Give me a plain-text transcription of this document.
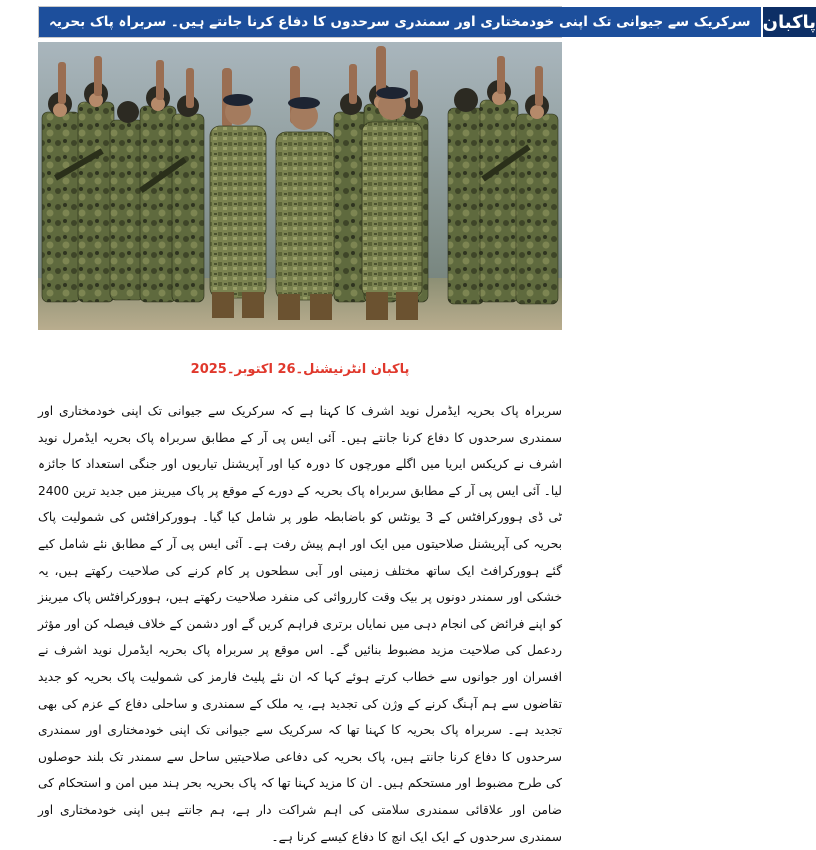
سرکریک سے جیوانی تک اپنی خودمختاری اور سمندری سرحدوں کا دفاع کرنا جانتے ہیں۔ سربراہ پاک بحریہ پاکبان
پاکبان انٹرنیشنل۔26 اکتوبر۔2025
سربراہ پاک بحریہ ایڈمرل نوید اشرف کا کہنا ہے کہ سرکریک سے جیوانی تک اپنی خودمختاری اور سمندری سرحدوں کا دفاع کرنا جانتے ہیں۔ آئی ایس پی آر کے مطابق سربراہ پاک بحریہ ایڈمرل نوید اشرف نے کریکس ایریا میں اگلے مورچوں کا دورہ کیا اور آپریشنل تیاریوں اور جنگی استعداد کا جائزہ لیا۔ آئی ایس پی آر کے مطابق سربراہ پاک بحریہ کے دورے کے موقع پر پاک میرینز میں جدید ترین 2400 ٹی ڈی ہوورکرافٹس کے 3 یونٹس کو باضابطہ طور پر شامل کیا گیا۔ ہوورکرافٹس کی شمولیت پاک بحریہ کی آپریشنل صلاحیتوں میں ایک اور اہم پیش رفت ہے۔ آئی ایس پی آر کے مطابق نئے شامل کیے گئے ہوورکرافٹ ایک ساتھ مختلف زمینی اور آبی سطحوں پر کام کرنے کی صلاحیت رکھتے ہیں، یہ خشکی اور سمندر دونوں پر بیک وقت کارروائی کی منفرد صلاحیت رکھتے ہیں، ہوورکرافٹس پاک میرینز کو اپنے فرائض کی انجام دہی میں نمایاں برتری فراہم کریں گے اور دشمن کے خلاف فیصلہ کن اور مؤثر ردعمل کی صلاحیت مزید مضبوط بنائیں گے۔ اس موقع پر سربراہ پاک بحریہ ایڈمرل نوید اشرف نے افسران اور جوانوں سے خطاب کرتے ہوئے کہا کہ ان نئے پلیٹ فارمز کی شمولیت پاک بحریہ کو جدید تقاضوں سے ہم آہنگ کرنے کے وژن کی تجدید ہے، یہ ملک کے سمندری و ساحلی دفاع کے عزم کی بھی تجدید ہے۔ سربراہ پاک بحریہ کا کہنا تھا کہ سرکریک سے جیوانی تک اپنی خودمختاری اور سمندری سرحدوں کا دفاع کرنا جانتے ہیں، پاک بحریہ کی دفاعی صلاحیتیں ساحل سے سمندر تک بلند حوصلوں کی طرح مضبوط اور مستحکم ہیں۔ ان کا مزید کہنا تھا کہ پاک بحریہ بحر ہند میں امن و استحکام کی ضامن اور علاقائی سمندری سلامتی کی اہم شراکت دار ہے، ہم جانتے ہیں اپنی خودمختاری اور سمندری سرحدوں کے ایک ایک انچ کا دفاع کیسے کرنا ہے۔
